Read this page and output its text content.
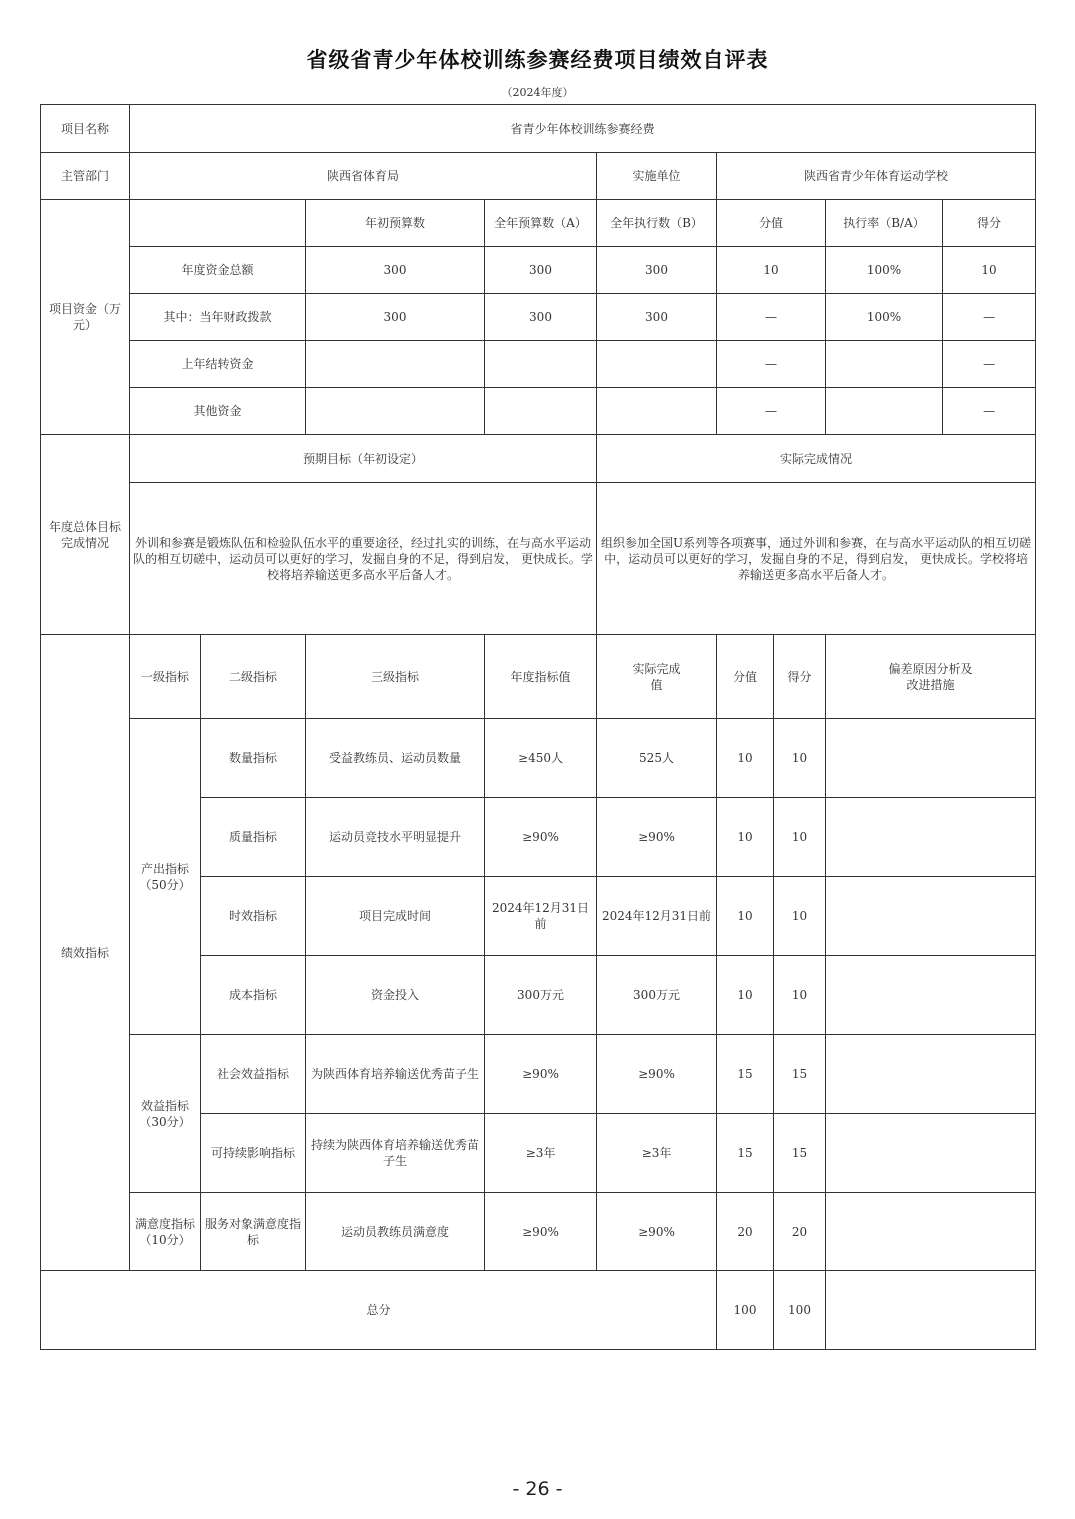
省级省青少年体校训练参赛经费项目绩效自评表
（2024年度）
项目名称	省青少年体校训练参赛经费								
主管部门	陕西省体育局				实施单位	陕西省青少年体育运动学校			
项目资金（万元）			年初预算数	全年预算数（A）	全年执行数（B）	分值		执行率（B/A）	得分
	年度资金总额		300	300	300	10		100%	10
	其中：当年财政拨款		300	300	300	—		100%	—
	上年结转资金					—			—
	其他资金					—			—
年度总体目标完成情况	预期目标（年初设定）				实际完成情况				
	外训和参赛是锻炼队伍和检验队伍水平的重要途径，经过扎实的训练，在与高水平运动队的相互切磋中，运动员可以更好的学习，发掘自身的不足，得到启发， 更快成长。学校将培养输送更多高水平后备人才。				组织参加全国U系列等各项赛事，通过外训和参赛，在与高水平运动队的相互切磋中，运动员可以更好的学习，发掘自身的不足，得到启发， 更快成长。学校将培养输送更多高水平后备人才。				
绩效指标	一级指标	二级指标	三级指标	年度指标值	实际完成值	分值	得分	偏差原因分析及改进措施	
	产出指标（50分）	数量指标	受益教练员、运动员数量	≥450人	525人	10	10		
		质量指标	运动员竞技水平明显提升	≥90%	≥90%	10	10		
		时效指标	项目完成时间	2024年12月31日前	2024年12月31日前	10	10		
		成本指标	资金投入	300万元	300万元	10	10		
	效益指标（30分）	社会效益指标	为陕西体育培养输送优秀苗子生	≥90%	≥90%	15	15		
		可持续影响指标	持续为陕西体育培养输送优秀苗子生	≥3年	≥3年	15	15		
	满意度指标（10分）	服务对象满意度指标	运动员教练员满意度	≥90%	≥90%	20	20		
总分						100	100		
- 26 -
